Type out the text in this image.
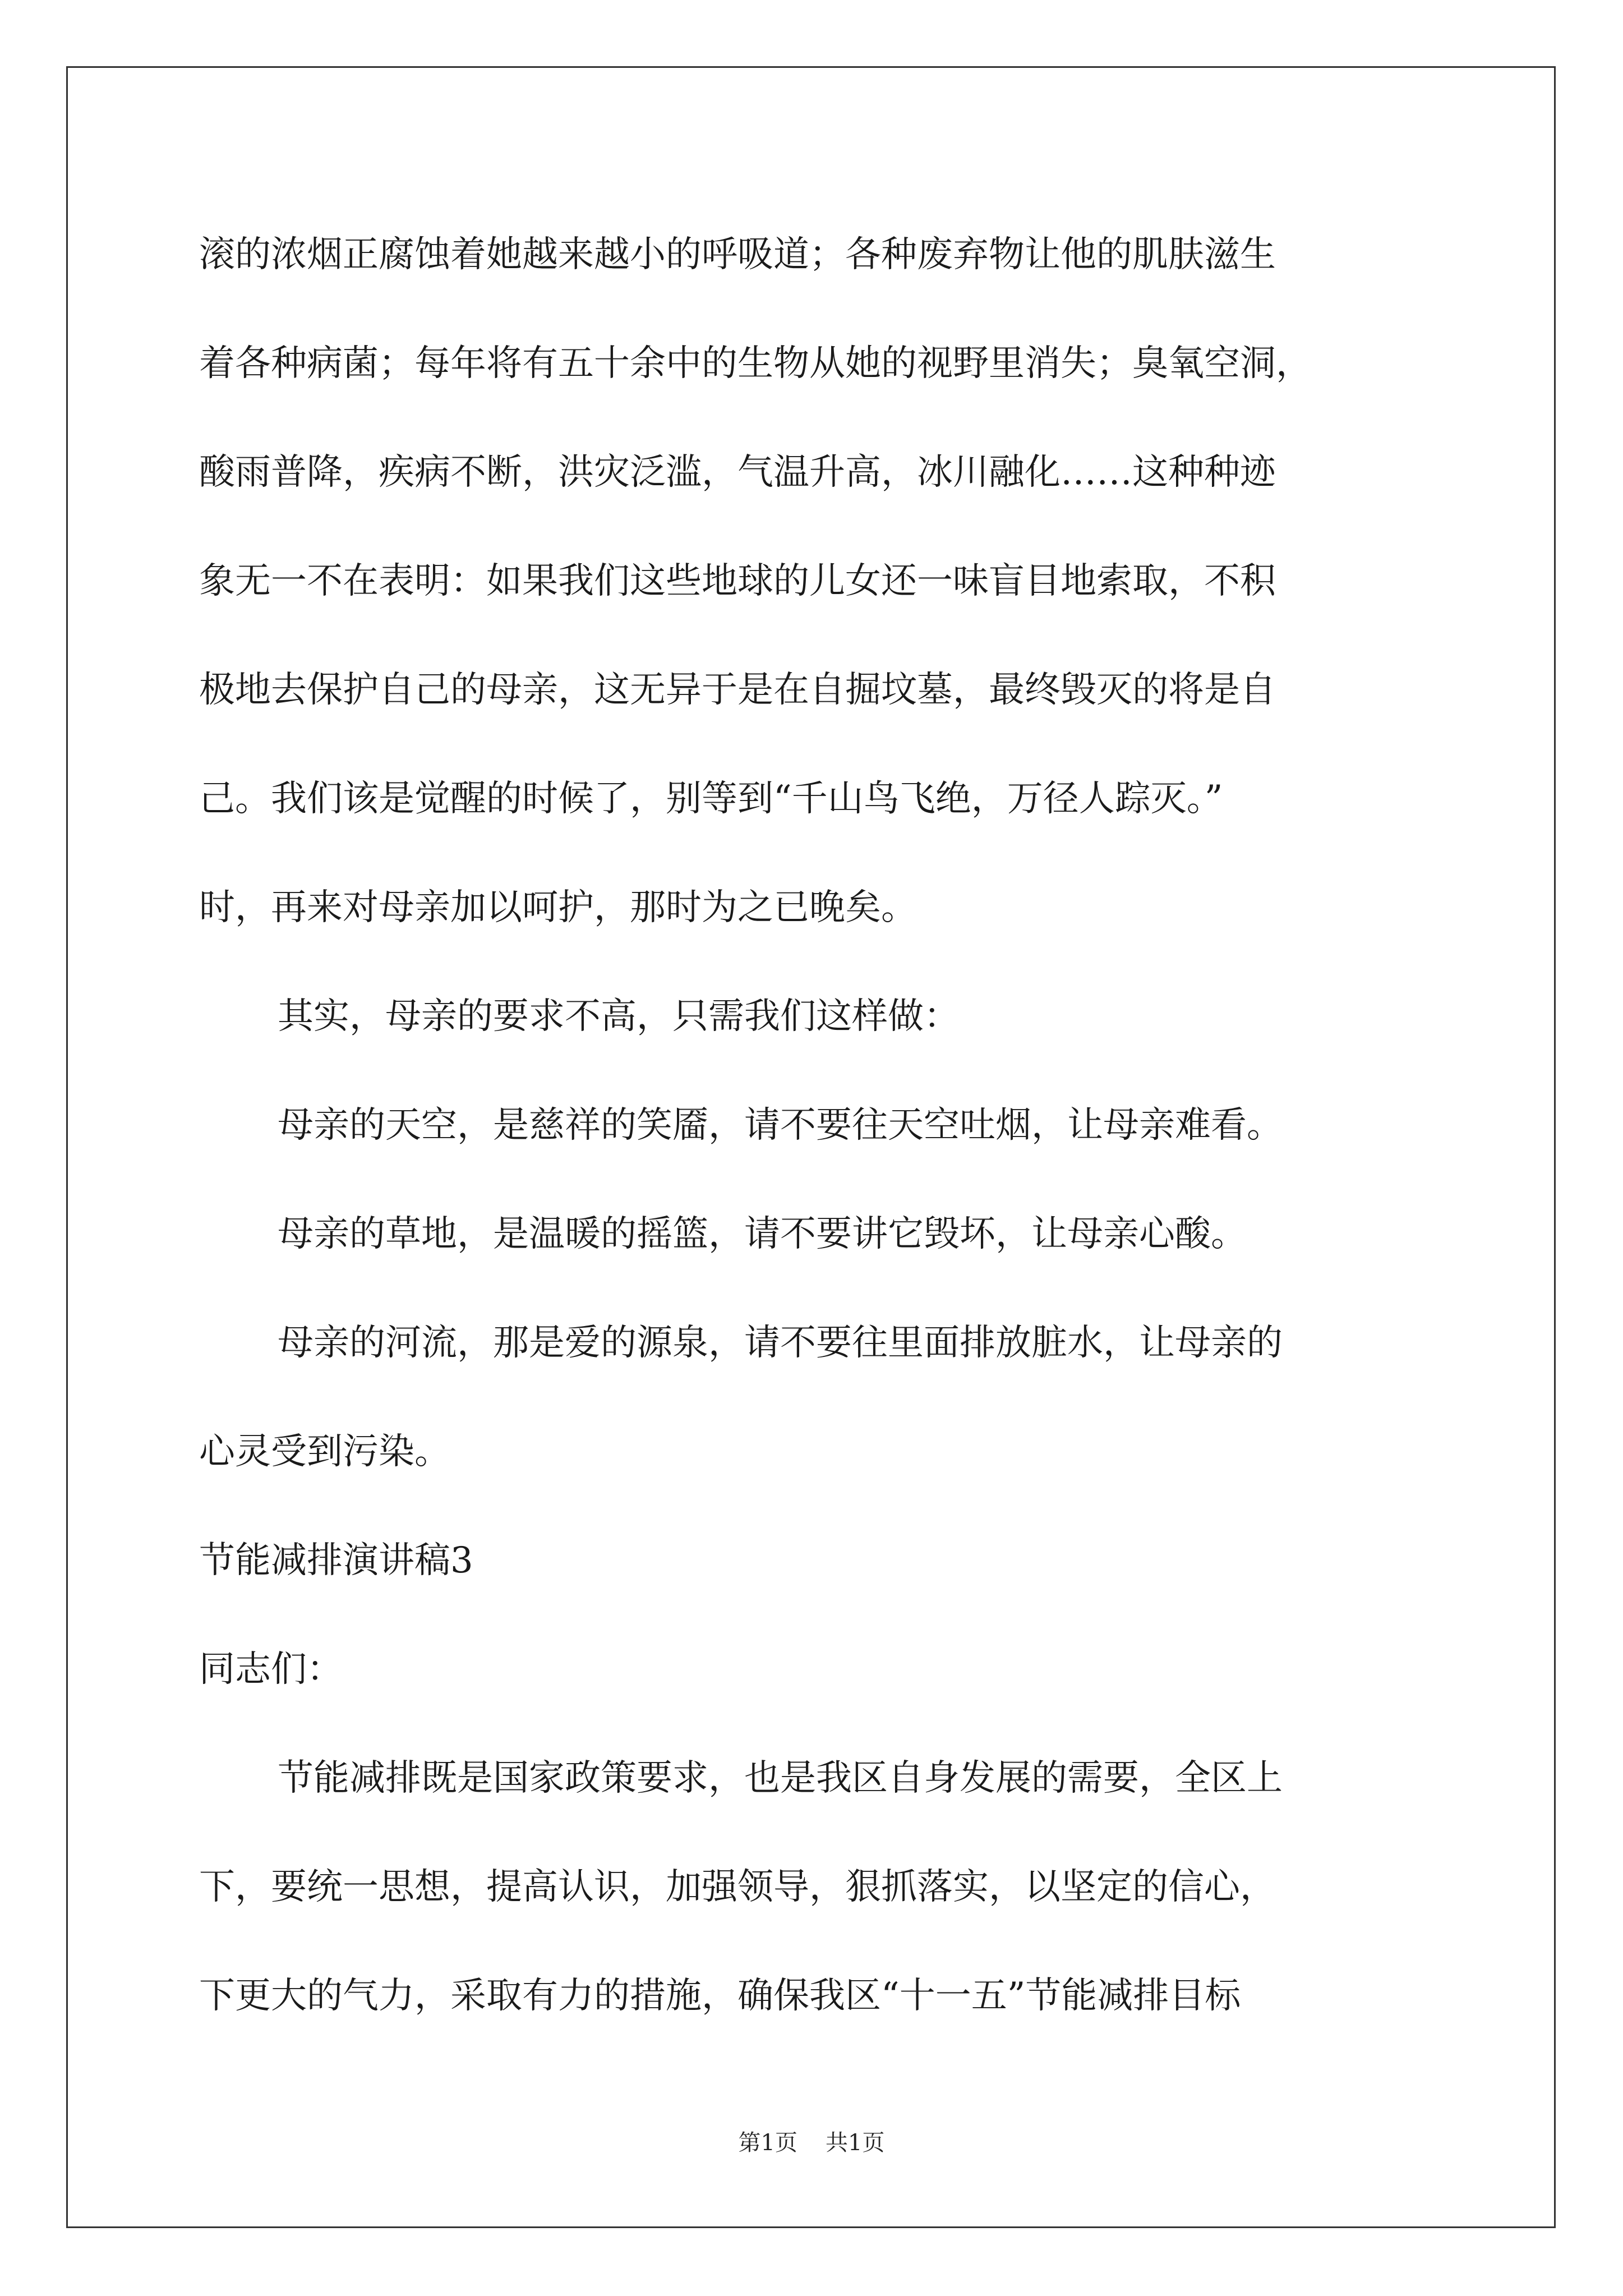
滚的浓烟正腐蚀着她越来越小的呼吸道；各种废弃物让他的肌肤滋生
着各种病菌；每年将有五十余中的生物从她的视野里消失；臭氧空洞，
酸雨普降，疾病不断，洪灾泛滥，气温升高，冰川融化……这种种迹
象无一不在表明：如果我们这些地球的儿女还一味盲目地索取，不积
极地去保护自己的母亲，这无异于是在自掘坟墓，最终毁灭的将是自
己。我们该是觉醒的时候了，别等到“千山鸟飞绝，万径人踪灭。”
时，再来对母亲加以呵护，那时为之已晚矣。
其实，母亲的要求不高，只需我们这样做：
母亲的天空，是慈祥的笑靥，请不要往天空吐烟，让母亲难看。
母亲的草地，是温暖的摇篮，请不要讲它毁坏，让母亲心酸。
母亲的河流，那是爱的源泉，请不要往里面排放脏水，让母亲的
心灵受到污染。
节能减排演讲稿3
同志们：
节能减排既是国家政策要求，也是我区自身发展的需要，全区上
下，要统一思想，提高认识，加强领导，狠抓落实，以坚定的信心，
下更大的气力，采取有力的措施，确保我区“十一五”节能减排目标
第1页 共1页
